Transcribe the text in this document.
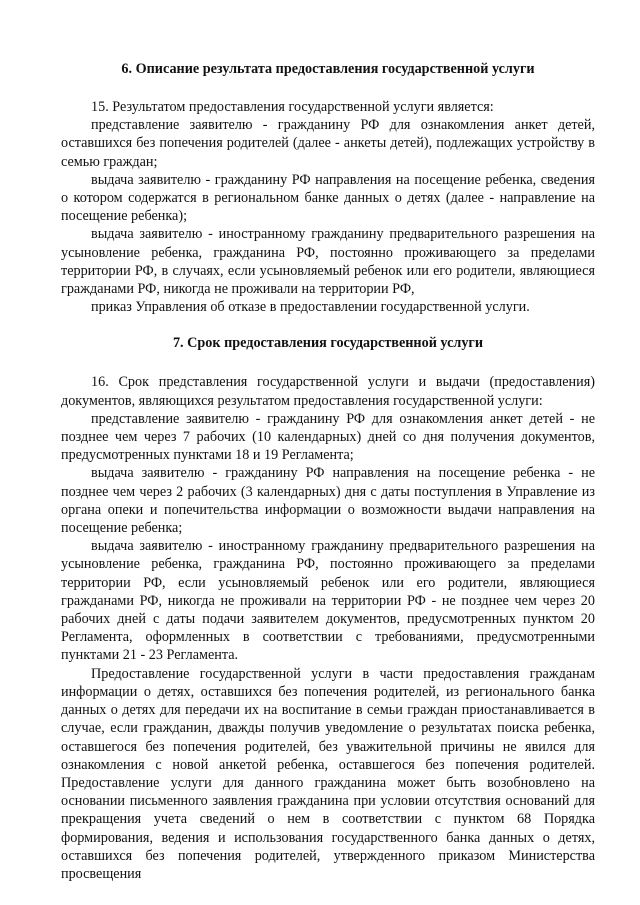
6. Описание результата предоставления государственной услуги

15. Результатом предоставления государственной услуги является:

представление заявителю - гражданину РФ для ознакомления анкет детей, оставшихся без попечения родителей (далее - анкеты детей), подлежащих устройству в семью граждан;

выдача заявителю - гражданину РФ направления на посещение ребенка, сведения о котором содержатся в региональном банке данных о детях (далее - направление на посещение ребенка);

выдача заявителю - иностранному гражданину предварительного разрешения на усыновление ребенка, гражданина РФ, постоянно проживающего за пределами территории РФ, в случаях, если усыновляемый ребенок или его родители, являющиеся гражданами РФ, никогда не проживали на территории РФ,

приказ Управления об отказе в предоставлении государственной услуги.

7. Срок предоставления государственной услуги

16. Срок представления государственной услуги и выдачи (предоставления) документов, являющихся результатом предоставления государственной услуги:

представление заявителю - гражданину РФ для ознакомления анкет детей - не позднее чем через 7 рабочих (10 календарных) дней со дня получения документов, предусмотренных пунктами 18 и 19 Регламента;

выдача заявителю - гражданину РФ направления на посещение ребенка - не позднее чем через 2 рабочих (3 календарных) дня с даты поступления в Управление из органа опеки и попечительства информации о возможности выдачи направления на посещение ребенка;

выдача заявителю - иностранному гражданину предварительного разрешения на усыновление ребенка, гражданина РФ, постоянно проживающего за пределами территории РФ, если усыновляемый ребенок или его родители, являющиеся гражданами РФ, никогда не проживали на территории РФ - не позднее чем через 20 рабочих дней с даты подачи заявителем документов, предусмотренных пунктом 20 Регламента, оформленных в соответствии с требованиями, предусмотренными пунктами 21 - 23 Регламента.

Предоставление государственной услуги в части предоставления гражданам информации о детях, оставшихся без попечения родителей, из регионального банка данных о детях для передачи их на воспитание в семьи граждан приостанавливается в случае, если гражданин, дважды получив уведомление о результатах поиска ребенка, оставшегося без попечения родителей, без уважительной причины не явился для ознакомления с новой анкетой ребенка, оставшегося без попечения родителей. Предоставление услуги для данного гражданина может быть возобновлено на основании письменного заявления гражданина при условии отсутствия оснований для прекращения учета сведений о нем в соответствии с пунктом 68 Порядка формирования, ведения и использования государственного банка данных о детях, оставшихся без попечения родителей, утвержденного приказом Министерства просвещения
